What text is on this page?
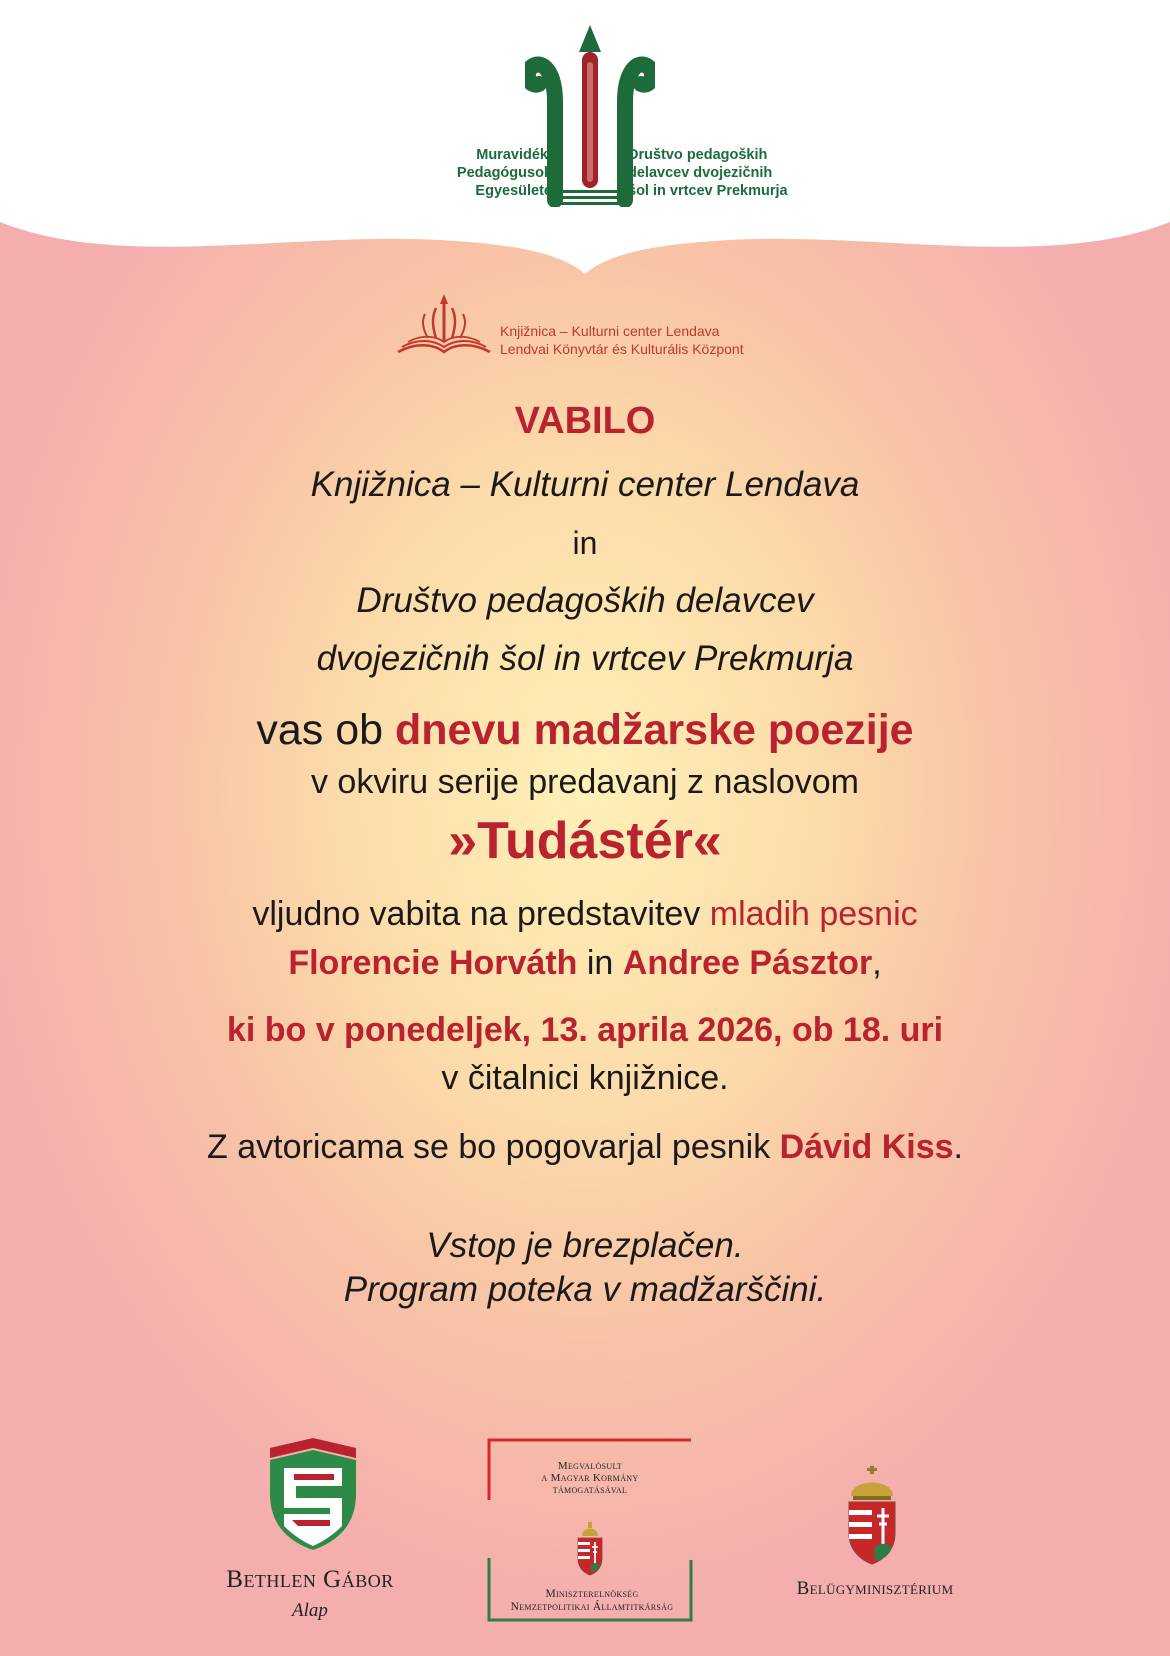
Muravidéki
Pedagógusok
Egyesülete
Društvo pedagoških
delavcev dvojezičnih
šol in vrtcev Prekmurja
Knjižnica – Kulturni center Lendava
Lendvai Könyvtár és Kulturális Központ
VABILO
Knjižnica – Kulturni center Lendava
in
Društvo pedagoških delavcev
dvojezičnih šol in vrtcev Prekmurja
vas ob dnevu madžarske poezije
v okviru serije predavanj z naslovom
»Tudástér«
vljudno vabita na predstavitev mladih pesnic
Florencie Horváth in Andree Pásztor,
ki bo v ponedeljek, 13. aprila 2026, ob 18. uri
v čitalnici knjižnice.
Z avtoricama se bo pogovarjal pesnik Dávid Kiss.
Vstop je brezplačen.
Program poteka v madžarščini.
Bethlen Gábor
Alap
Megvalósult
a Magyar Kormány
támogatásával
Miniszterelnökség
Nemzetpolitikai Államtitkárság
Belügyminisztérium
